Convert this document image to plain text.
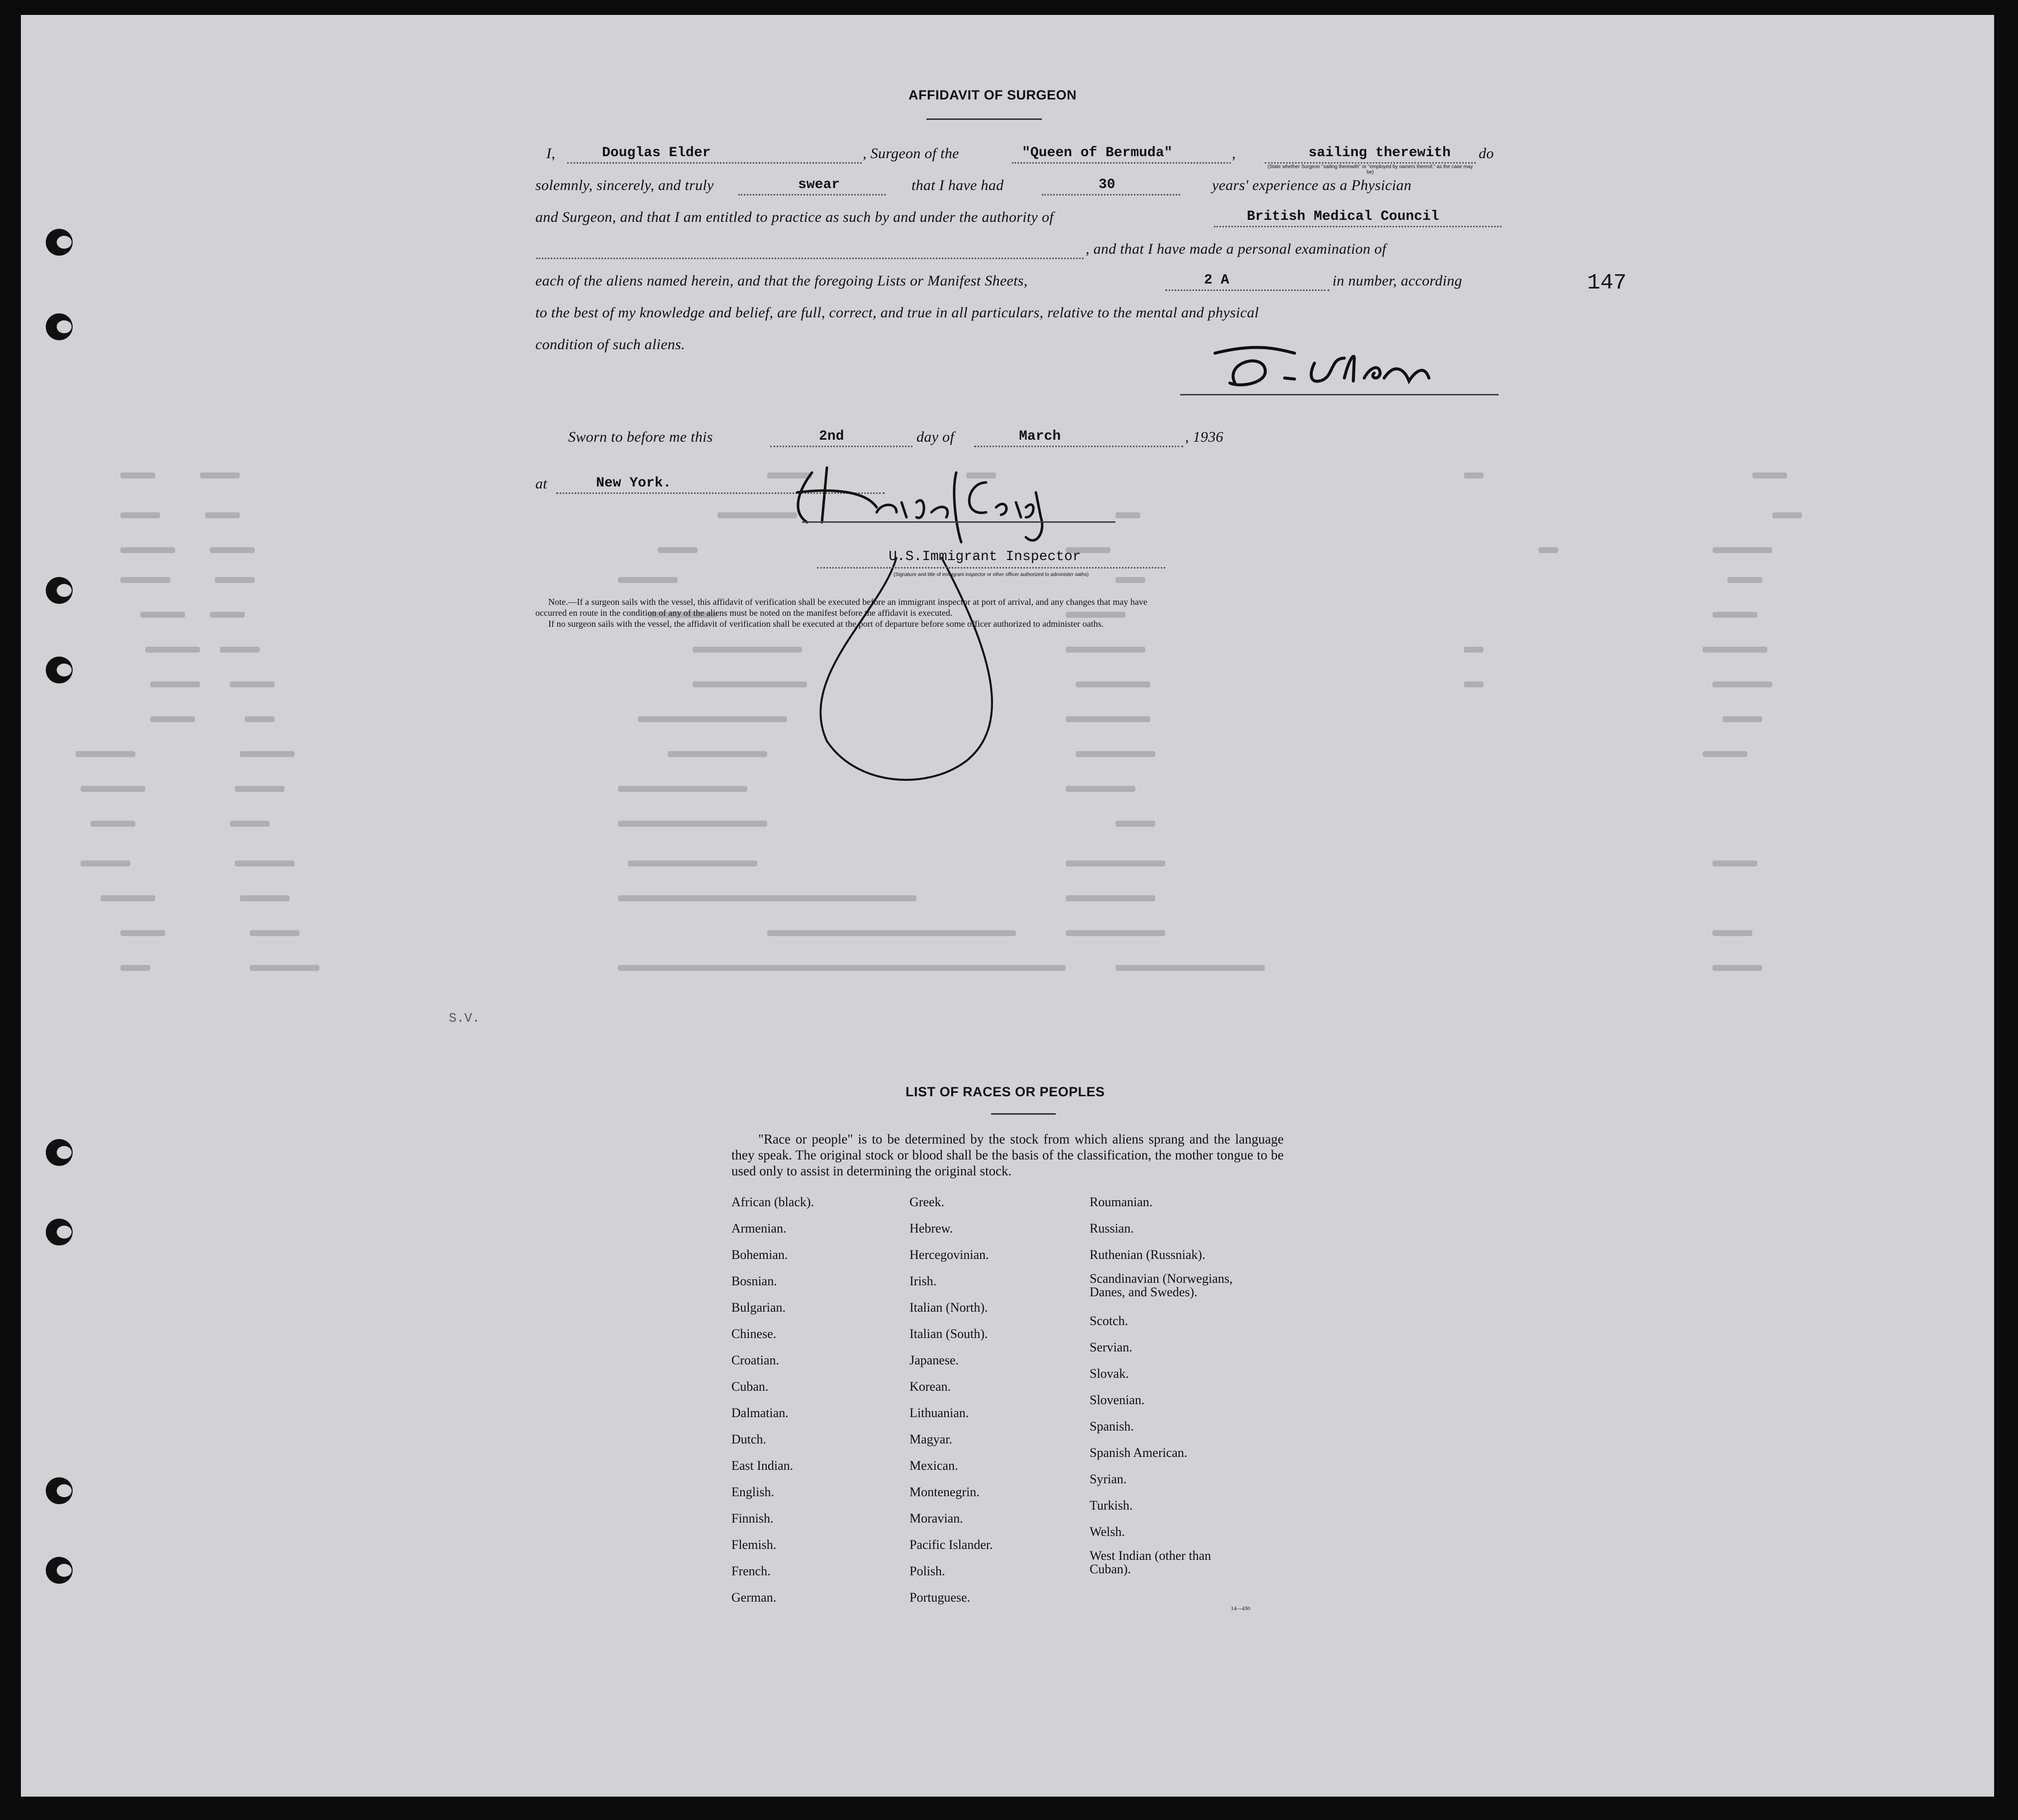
S.V.
AFFIDAVIT OF SURGEON
I,	Douglas Elder	, Surgeon of the	"Queen of Bermuda"	,	sailing therewith do
(State whether Surgeon "sailing therewith" or "employed by owners thereof," as the case may be)
solemnly, sincerely, and truly	swear	that I have had	30	years' experience as a Physician
and Surgeon, and that I am entitled to practice as such by and under the authority of	British Medical Council
, and that I have made a personal examination of
each of the aliens named herein, and that the foregoing Lists or Manifest Sheets,	2 A	in number, according
to the best of my knowledge and belief, are full, correct, and true in all particulars, relative to the mental and physical
condition of such aliens.
Sworn to before me this	2nd	day of	March	, 1936
at	New York.
U.S.Immigrant Inspector
(Signature and title of immigrant inspector or other officer authorized to administer oaths)
Note.—If a surgeon sails with the vessel, this affidavit of verification shall be executed before an immigrant inspector at port of arrival, and any changes that may have
occurred en route in the condition of any of the aliens must be noted on the manifest before the affidavit is executed.
If no surgeon sails with the vessel, the affidavit of verification shall be executed at the port of departure before some officer authorized to administer oaths.
147
LIST OF RACES OR PEOPLES
"Race or people" is to be determined by the stock from which aliens sprang and the language they speak. The original stock or blood shall be the basis of the classification, the mother tongue to be used only to assist in determining the original stock.
African (black).
Armenian.
Bohemian.
Bosnian.
Bulgarian.
Chinese.
Croatian.
Cuban.
Dalmatian.
Dutch.
East Indian.
English.
Finnish.
Flemish.
French.
German.
Greek.
Hebrew.
Hercegovinian.
Irish.
Italian (North).
Italian (South).
Japanese.
Korean.
Lithuanian.
Magyar.
Mexican.
Montenegrin.
Moravian.
Pacific Islander.
Polish.
Portuguese.
Roumanian.
Russian.
Ruthenian (Russniak).
Scandinavian (Norwegians, Danes, and Swedes).
Scotch.
Servian.
Slovak.
Slovenian.
Spanish.
Spanish American.
Syrian.
Turkish.
Welsh.
West Indian (other than Cuban).
14—430
